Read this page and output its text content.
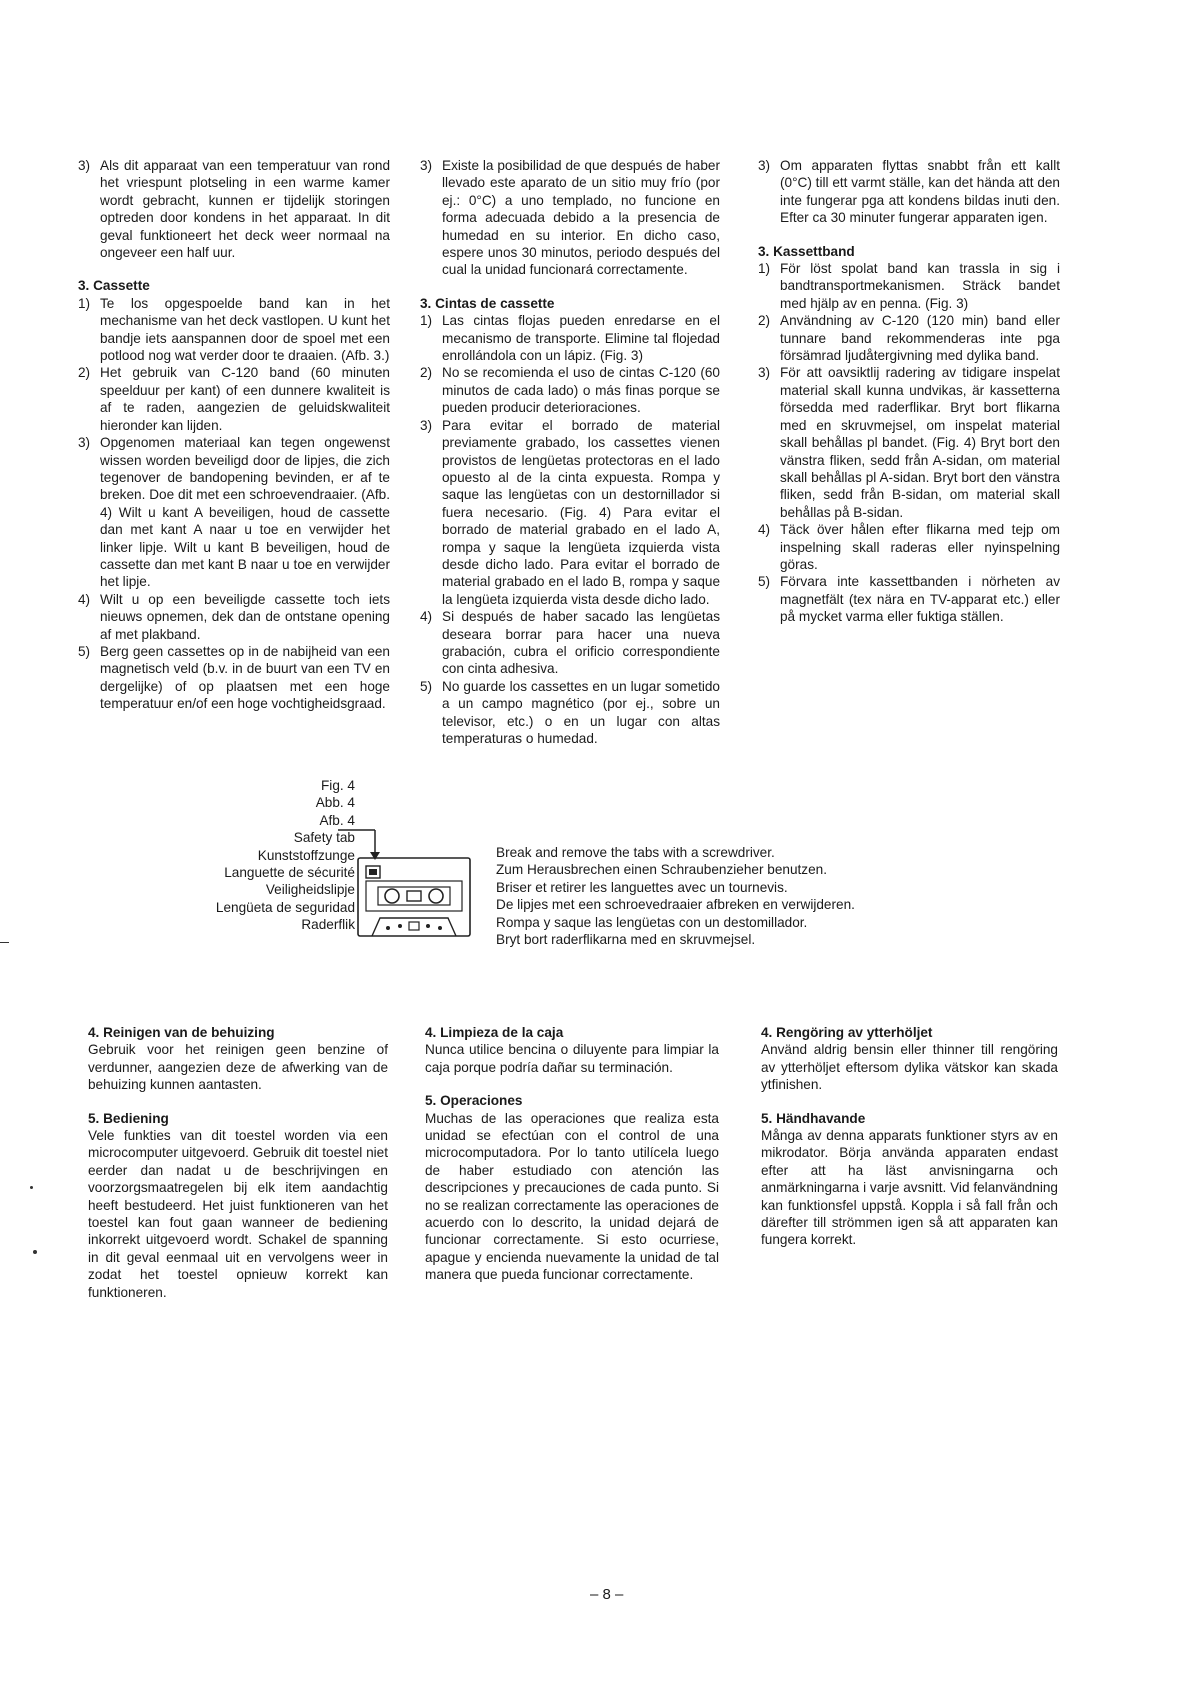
3) Als dit apparaat van een temperatuur van rond het vriespunt plotseling in een warme kamer wordt gebracht, kunnen er tijdelijk storingen optreden door kondens in het apparaat. In dit geval funktioneert het deck weer normaal na ongeveer een half uur.
3. Cassette
1) Te los opgespoelde band kan in het mechanisme van het deck vastlopen. U kunt het bandje iets aanspannen door de spoel met een potlood nog wat verder door te draaien. (Afb. 3.)
2) Het gebruik van C-120 band (60 minuten speelduur per kant) of een dunnere kwaliteit is af te raden, aangezien de geluidskwaliteit hieronder kan lijden.
3) Opgenomen materiaal kan tegen ongewenst wissen worden beveiligd door de lipjes, die zich tegenover de bandopening bevinden, er af te breken. Doe dit met een schroevendraaier. (Afb. 4) Wilt u kant A beveiligen, houd de cassette dan met kant A naar u toe en verwijder het linker lipje. Wilt u kant B beveiligen, houd de cassette dan met kant B naar u toe en verwijder het lipje.
4) Wilt u op een beveiligde cassette toch iets nieuws opnemen, dek dan de ontstane opening af met plakband.
5) Berg geen cassettes op in de nabijheid van een magnetisch veld (b.v. in de buurt van een TV en dergelijke) of op plaatsen met een hoge temperatuur en/of een hoge vochtigheidsgraad.
3) Existe la posibilidad de que después de haber llevado este aparato de un sitio muy frío (por ej.: 0°C) a uno templado, no funcione en forma adecuada debido a la presencia de humedad en su interior. En dicho caso, espere unos 30 minutos, periodo después del cual la unidad funcionará correctamente.
3. Cintas de cassette
1) Las cintas flojas pueden enredarse en el mecanismo de transporte. Elimine tal flojedad enrollándola con un lápiz. (Fig. 3)
2) No se recomienda el uso de cintas C-120 (60 minutos de cada lado) o más finas porque se pueden producir deterioraciones.
3) Para evitar el borrado de material previamente grabado, los cassettes vienen provistos de lengüetas protectoras en el lado opuesto al de la cinta expuesta. Rompa y saque las lengüetas con un destornillador si fuera necesario. (Fig. 4) Para evitar el borrado de material grabado en el lado A, rompa y saque la lengüeta izquierda vista desde dicho lado. Para evitar el borrado de material grabado en el lado B, rompa y saque la lengüeta izquierda vista desde dicho lado.
4) Si después de haber sacado las lengüetas deseara borrar para hacer una nueva grabación, cubra el orificio correspondiente con cinta adhesiva.
5) No guarde los cassettes en un lugar sometido a un campo magnético (por ej., sobre un televisor, etc.) o en un lugar con altas temperaturas o humedad.
3) Om apparaten flyttas snabbt från ett kallt (0°C) till ett varmt ställe, kan det hända att den inte fungerar pga att kondens bildas inuti den. Efter ca 30 minuter fungerar apparaten igen.
3. Kassettband
1) För löst spolat band kan trassla in sig i bandtransportmekanismen. Sträck bandet med hjälp av en penna. (Fig. 3)
2) Användning av C-120 (120 min) band eller tunnare band rekommenderas inte pga försämrad ljudåtergivning med dylika band.
3) För att oavsiktlij radering av tidigare inspelat material skall kunna undvikas, är kassetterna försedda med raderflikar. Bryt bort flikarna med en skruvmejsel, om inspelat material skall behållas pl bandet. (Fig. 4) Bryt bort den vänstra fliken, sedd från A-sidan, om material skall behållas pl A-sidan. Bryt bort den vänstra fliken, sedd från B-sidan, om material skall behållas på B-sidan.
4) Täck över hålen efter flikarna med tejp om inspelning skall raderas eller nyinspelning göras.
5) Förvara inte kassettbanden i nörheten av magnetfält (tex nära en TV-apparat etc.) eller på mycket varma eller fuktiga ställen.
Fig. 4
Abb. 4
Afb. 4
Safety tab
Kunststoffzunge
Languette de sécurité
Veiligheidslipje
Lengüeta de seguridad
Raderflik
Break and remove the tabs with a screwdriver.
Zum Herausbrechen einen Schraubenzieher benutzen.
Briser et retirer les languettes avec un tournevis.
De lipjes met een schroevedraaier afbreken en verwijderen.
Rompa y saque las lengüetas con un destomillador.
Bryt bort raderflikarna med en skruvmejsel.
4. Reinigen van de behuizing
Gebruik voor het reinigen geen benzine of verdunner, aangezien deze de afwerking van de behuizing kunnen aantasten.
5. Bediening
Vele funkties van dit toestel worden via een microcomputer uitgevoerd. Gebruik dit toestel niet eerder dan nadat u de beschrijvingen en voorzorgsmaatregelen bij elk item aandachtig heeft bestudeerd. Het juist funktioneren van het toestel kan fout gaan wanneer de bediening inkorrekt uitgevoerd wordt. Schakel de spanning in dit geval eenmaal uit en vervolgens weer in zodat het toestel opnieuw korrekt kan funktioneren.
4. Limpieza de la caja
Nunca utilice bencina o diluyente para limpiar la caja porque podría dañar su terminación.
5. Operaciones
Muchas de las operaciones que realiza esta unidad se efectúan con el control de una microcomputadora. Por lo tanto utilícela luego de haber estudiado con atención las descripciones y precauciones de cada punto. Si no se realizan correctamente las operaciones de acuerdo con lo descrito, la unidad dejará de funcionar correctamente. Si esto ocurriese, apague y encienda nuevamente la unidad de tal manera que pueda funcionar correctamente.
4. Rengöring av ytterhöljet
Använd aldrig bensin eller thinner till rengöring av ytterhöljet eftersom dylika vätskor kan skada ytfinishen.
5. Händhavande
Många av denna apparats funktioner styrs av en mikrodator. Börja använda apparaten endast efter att ha läst anvisningarna och anmärkningarna i varje avsnitt. Vid felanvändning kan funktionsfel uppstå. Koppla i så fall från och därefter till strömmen igen så att apparaten kan fungera korrekt.
– 8 –
